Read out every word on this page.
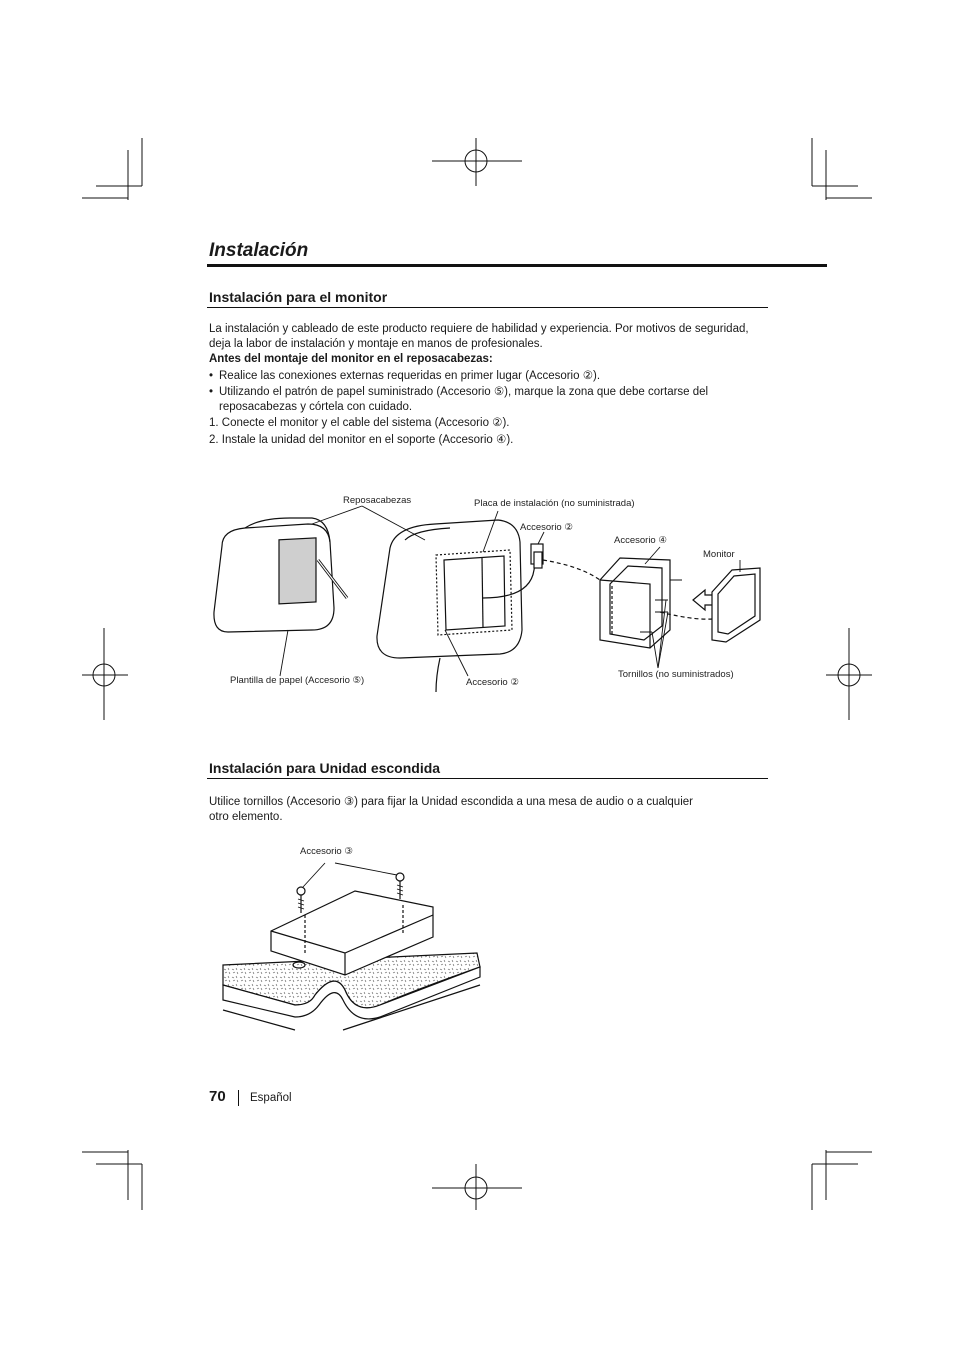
Instalación
Instalación para el monitor
La instalación y cableado de este producto requiere de habilidad y experiencia. Por motivos de seguridad, deja la labor de instalación y montaje en manos de profesionales.
Antes del montaje del monitor en el reposacabezas:
• Realice las conexiones externas requeridas en primer lugar (Accesorio ②).
• Utilizando el patrón de papel suministrado (Accesorio ⑤), marque la zona que debe cortarse del reposacabezas y córtela con cuidado.
1. Conecte el monitor y el cable del sistema (Accesorio ②).
2. Instale la unidad del monitor en el soporte (Accesorio ④).
Reposacabezas	Placa de instalación (no suministrada)
Accesorio ②
Accesorio ④
Monitor
Plantilla de papel (Accesorio ⑤)	Accesorio ②
Tornillos (no suministrados)
Instalación para Unidad escondida
Utilice tornillos (Accesorio ③) para fijar la Unidad escondida a una mesa de audio o a cualquier otro elemento.
Accesorio ③
70 Español
